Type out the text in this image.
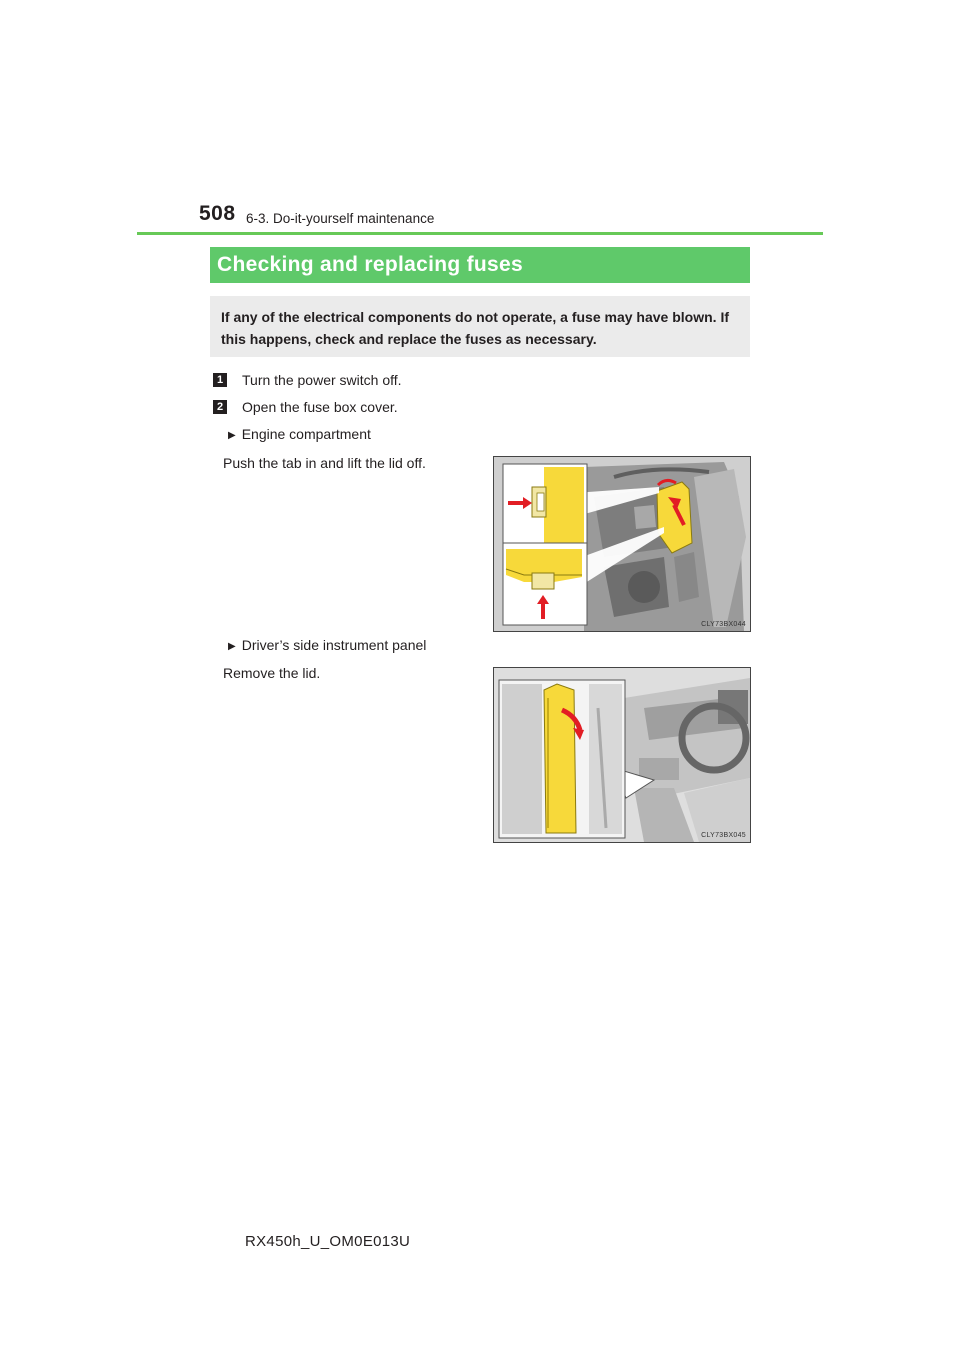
508 6-3. Do-it-yourself maintenance
Checking and replacing fuses
If any of the electrical components do not operate, a fuse may have blown. If
this happens, check and replace the fuses as necessary.
1 Turn the power switch off.
2 Open the fuse box cover.
▶ Engine compartment
Push the tab in and lift the lid off.
CLY73BX044
▶ Driver’s side instrument panel
Remove the lid.
CLY73BX045
RX450h_U_OM0E013U
